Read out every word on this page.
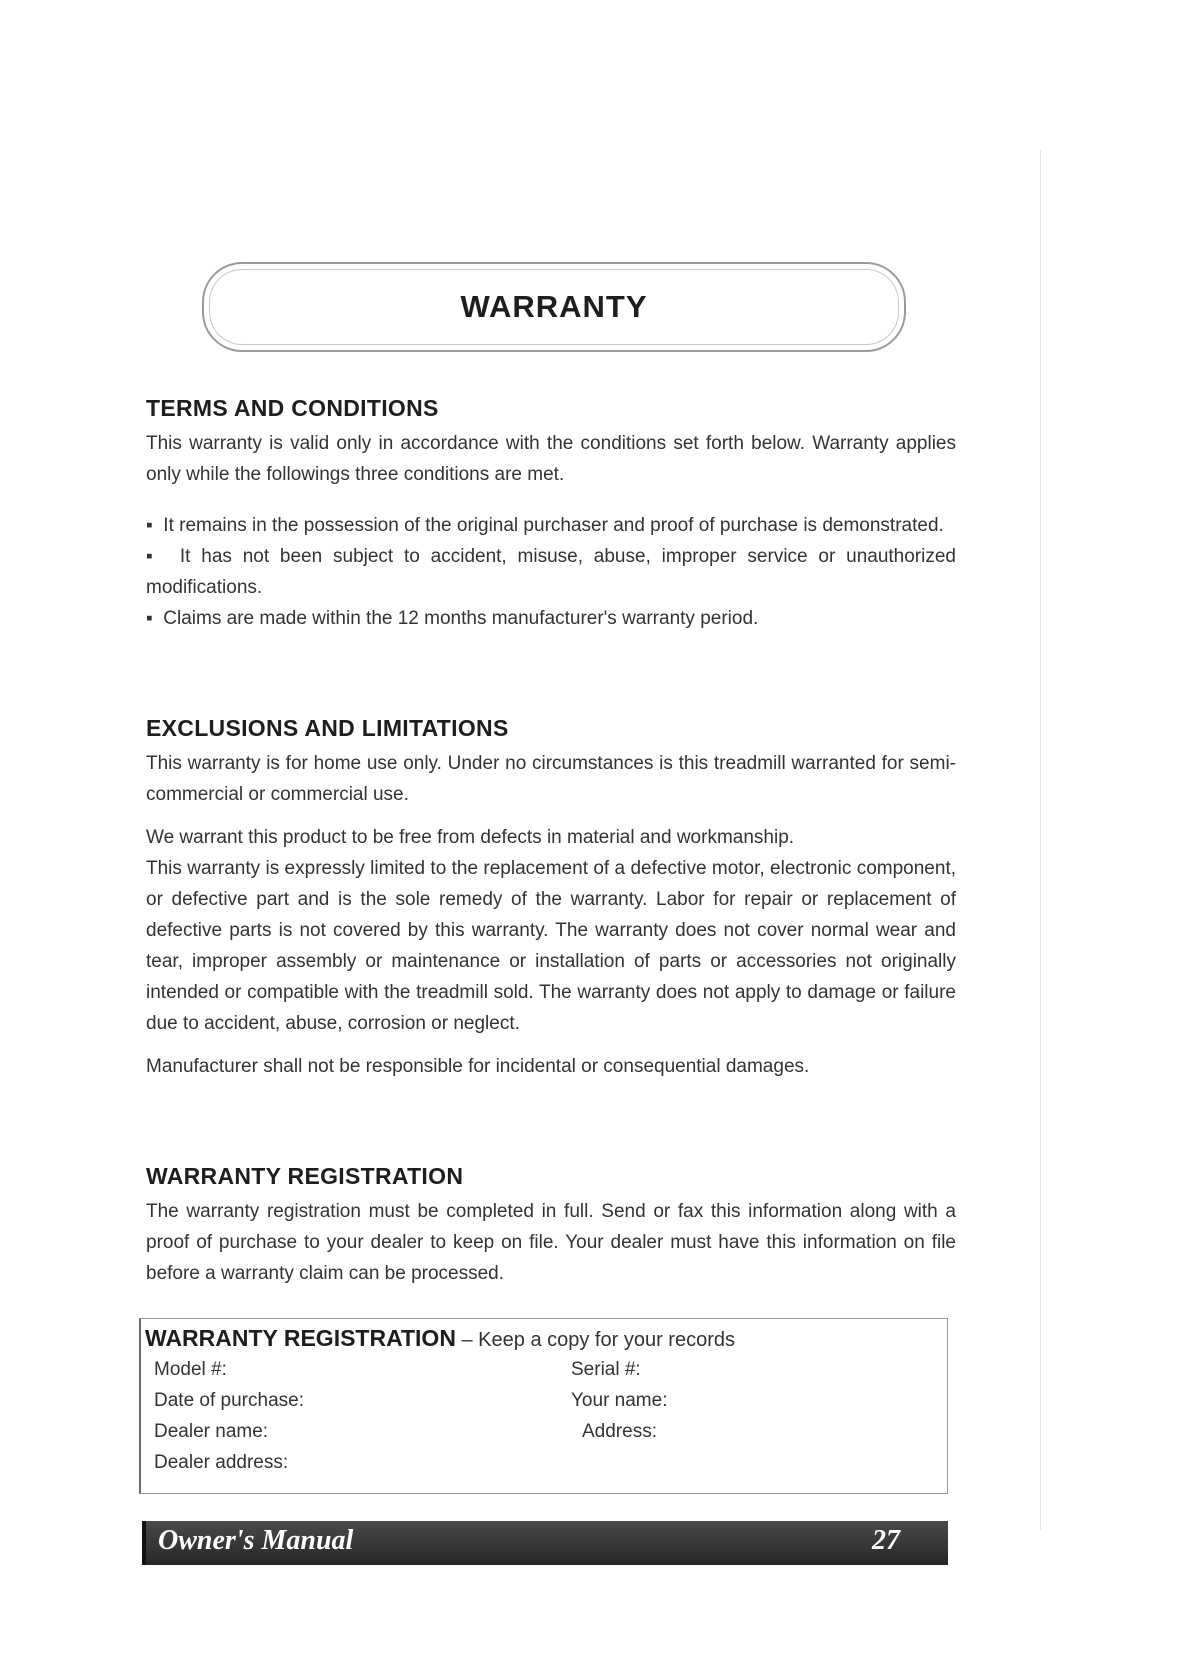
WARRANTY
TERMS AND CONDITIONS

This warranty is valid only in accordance with the conditions set forth below. Warranty applies only while the followings three conditions are met.

▪  It remains in the possession of the original purchaser and proof of purchase is demonstrated.
▪  It has not been subject to accident, misuse, abuse, improper service or unauthorized modifications.
▪  Claims are made within the 12 months manufacturer's warranty period.
EXCLUSIONS AND LIMITATIONS

This warranty is for home use only. Under no circumstances is this treadmill warranted for semi-commercial or commercial use.

We warrant this product to be free from defects in material and workmanship.

This warranty is expressly limited to the replacement of a defective motor, electronic component, or defective part and is the sole remedy of the warranty. Labor for repair or replacement of defective parts is not covered by this warranty. The warranty does not cover normal wear and tear, improper assembly or maintenance or installation of parts or accessories not originally intended or compatible with the treadmill sold. The warranty does not apply to damage or failure due to accident, abuse, corrosion or neglect.

Manufacturer shall not be responsible for incidental or consequential damages.

WARRANTY REGISTRATION

The warranty registration must be completed in full. Send or fax this information along with a proof of purchase to your dealer to keep on file. Your dealer must have this information on file before a warranty claim can be processed.

WARRANTY REGISTRATION – Keep a copy for your records
Model #:	Serial #:
Date of purchase:	Your name:
Dealer name:	Address:
Dealer address:
Owner's Manual	27
